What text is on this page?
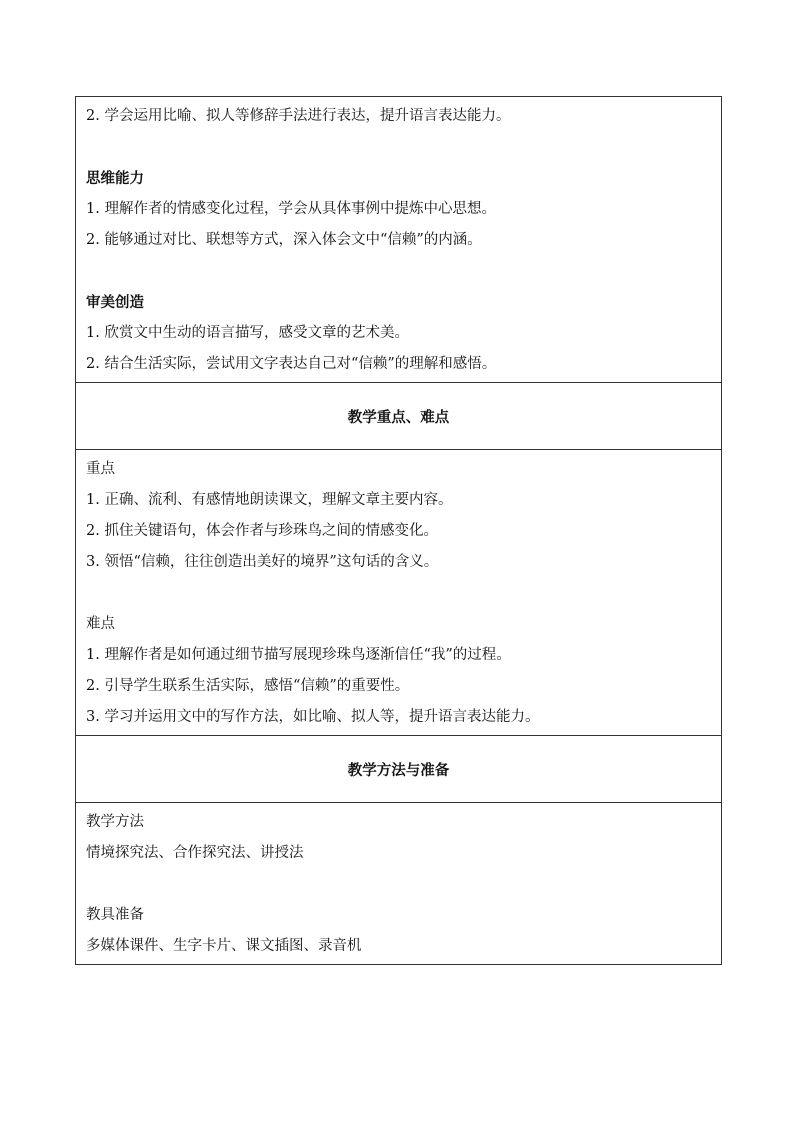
2. 学会运用比喻、拟人等修辞手法进行表达，提升语言表达能力。
思维能力
1. 理解作者的情感变化过程，学会从具体事例中提炼中心思想。
2. 能够通过对比、联想等方式，深入体会文中“信赖”的内涵。
审美创造
1. 欣赏文中生动的语言描写，感受文章的艺术美。
2. 结合生活实际，尝试用文字表达自己对“信赖”的理解和感悟。
教学重点、难点
重点
1. 正确、流利、有感情地朗读课文，理解文章主要内容。
2. 抓住关键语句，体会作者与珍珠鸟之间的情感变化。
3. 领悟“信赖，往往创造出美好的境界”这句话的含义。
难点
1. 理解作者是如何通过细节描写展现珍珠鸟逐渐信任“我”的过程。
2. 引导学生联系生活实际，感悟“信赖”的重要性。
3. 学习并运用文中的写作方法，如比喻、拟人等，提升语言表达能力。
教学方法与准备
教学方法
情境探究法、合作探究法、讲授法
教具准备
多媒体课件、生字卡片、课文插图、录音机
